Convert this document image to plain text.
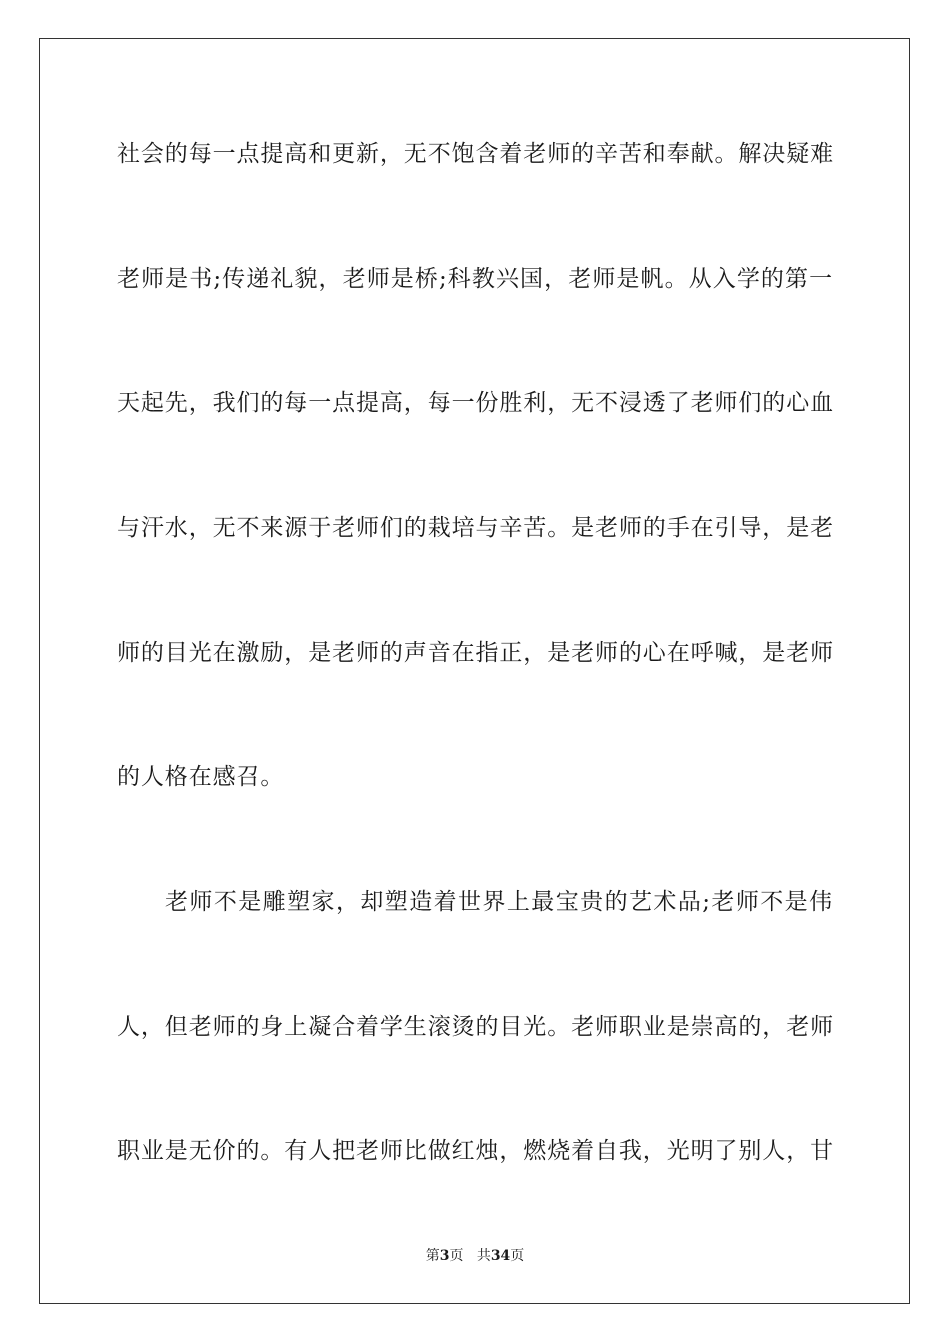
社会的每一点提高和更新，无不饱含着老师的辛苦和奉献。解决疑难
老师是书;传递礼貌，老师是桥;科教兴国，老师是帆。从入学的第一
天起先，我们的每一点提高，每一份胜利，无不浸透了老师们的心血
与汗水，无不来源于老师们的栽培与辛苦。是老师的手在引导，是老
师的目光在激励，是老师的声音在指正，是老师的心在呼喊，是老师
的人格在感召。
老师不是雕塑家，却塑造着世界上最宝贵的艺术品;老师不是伟
人，但老师的身上凝合着学生滚烫的目光。老师职业是崇高的，老师
职业是无价的。有人把老师比做红烛，燃烧着自我，光明了别人，甘
第3页 共34页
